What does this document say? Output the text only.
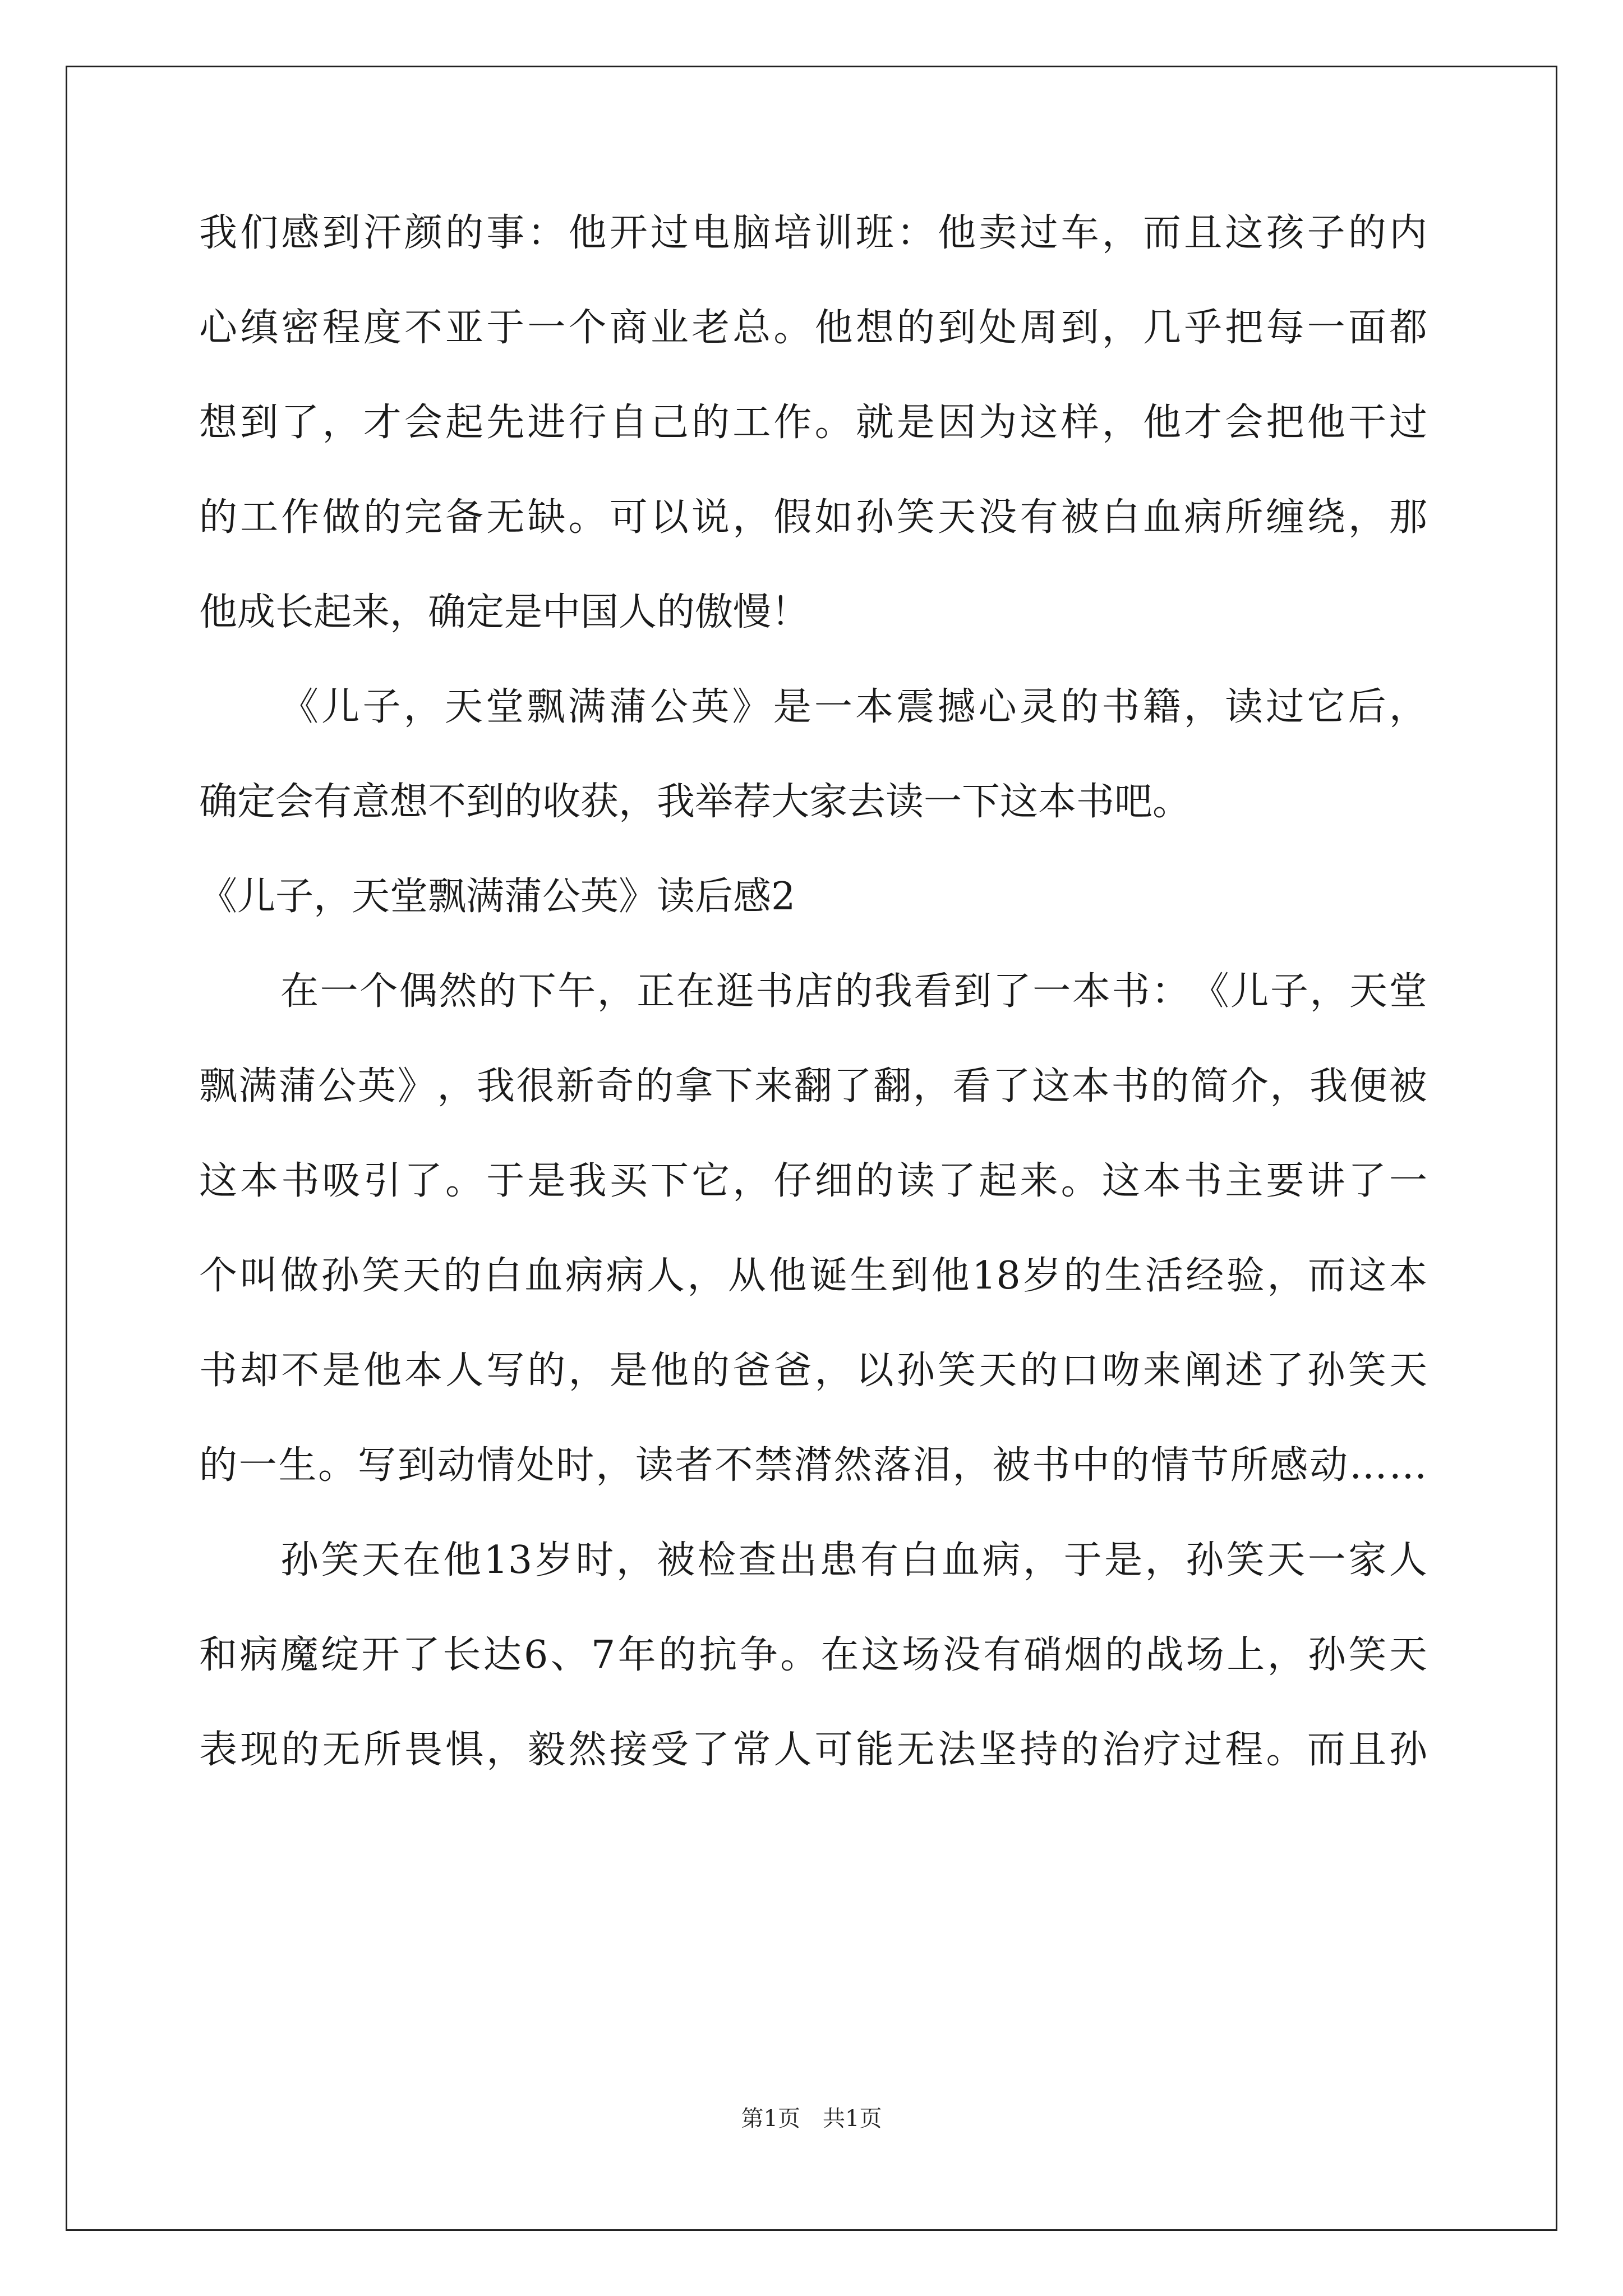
我 们 感 到 汗 颜 的 事 ： 他 开 过 电 脑 培 训 班 ： 他 卖 过 车 ， 而 且 这 孩 子 的 内
心 缜 密 程 度 不 亚 于 一 个 商 业 老 总 。 他 想 的 到 处 周 到 ， 几 乎 把 每 一 面 都
想 到 了 ， 才 会 起 先 进 行 自 己 的 工 作 。 就 是 因 为 这 样 ， 他 才 会 把 他 干 过
的 工 作 做 的 完 备 无 缺 。 可 以 说 ， 假 如 孙 笑 天 没 有 被 白 血 病 所 缠 绕 ， 那
他成长起来，确定是中国人的傲慢！
《 儿 子 ， 天 堂 飘 满 蒲 公 英 》 是 一 本 震 撼 心 灵 的 书 籍 ， 读 过 它 后 ，
确定会有意想不到的收获，我举荐大家去读一下这本书吧。
《儿子，天堂飘满蒲公英》读后感2
在 一 个 偶 然 的 下 午 ， 正 在 逛 书 店 的 我 看 到 了 一 本 书 ： 《 儿 子 ， 天 堂
飘 满 蒲 公 英 》 ， 我 很 新 奇 的 拿 下 来 翻 了 翻 ， 看 了 这 本 书 的 简 介 ， 我 便 被
这 本 书 吸 引 了 。 于 是 我 买 下 它 ， 仔 细 的 读 了 起 来 。 这 本 书 主 要 讲 了 一
个 叫 做 孙 笑 天 的 白 血 病 病 人 ， 从 他 诞 生 到 他 18 岁 的 生 活 经 验 ， 而 这 本
书 却 不 是 他 本 人 写 的 ， 是 他 的 爸 爸 ， 以 孙 笑 天 的 口 吻 来 阐 述 了 孙 笑 天
的 一 生 。 写 到 动 情 处 时 ， 读 者 不 禁 潸 然 落 泪 ， 被 书 中 的 情 节 所 感 动 … …
孙 笑 天 在 他 13 岁 时 ， 被 检 查 出 患 有 白 血 病 ， 于 是 ， 孙 笑 天 一 家 人
和 病 魔 绽 开 了 长 达 6 、 7 年 的 抗 争 。 在 这 场 没 有 硝 烟 的 战 场 上 ， 孙 笑 天
表 现 的 无 所 畏 惧 ， 毅 然 接 受 了 常 人 可 能 无 法 坚 持 的 治 疗 过 程 。 而 且 孙
第1页　共1页
